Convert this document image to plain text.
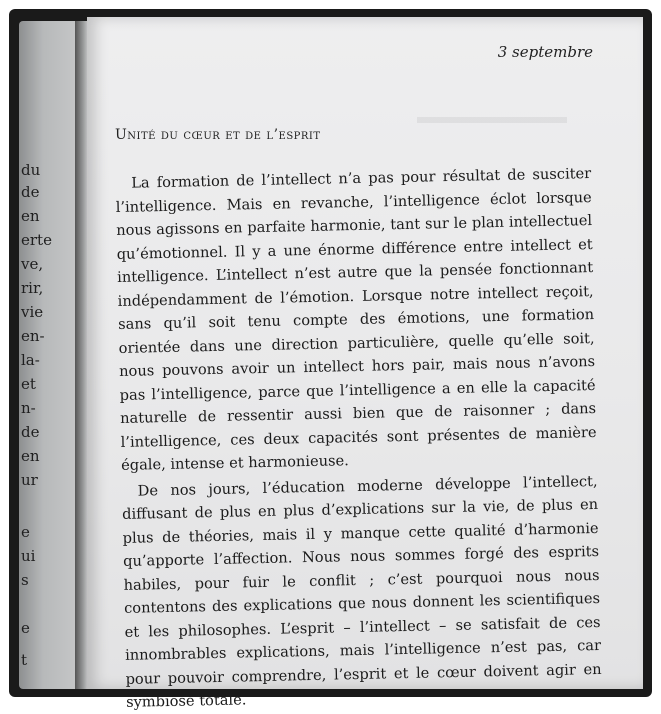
du
de
en
erte
ve,
rir,
vie
en-
la-
et
n-
de
en
ur
e
ui
s
e
t
3 septembre
Unité du cœur et de l’esprit

La formation de l’intellect n’a pas pour résultat de susciter l’intelligence. Mais en revanche, l’intelligence éclot lorsque nous agissons en parfaite harmonie, tant sur le plan intellectuel qu’émotionnel. Il y a une énorme différence entre intellect et intelligence. L’intellect n’est autre que la pensée fonctionnant indépendamment de l’émotion. Lorsque notre intellect reçoit, sans qu’il soit tenu compte des émotions, une formation orientée dans une direction particulière, quelle qu’elle soit, nous pouvons avoir un intellect hors pair, mais nous n’avons pas l’intelligence, parce que l’intelligence a en elle la capacité naturelle de ressentir aussi bien que de raisonner ; dans l’intelligence, ces deux capacités sont présentes de manière égale, intense et harmonieuse.

De nos jours, l’éducation moderne développe l’intellect, diffusant de plus en plus d’explications sur la vie, de plus en plus de théories, mais il y manque cette qualité d’harmonie qu’apporte l’affection. Nous nous sommes forgé des esprits habiles, pour fuir le conflit ; c’est pourquoi nous nous contentons des explications que nous donnent les scientifiques et les philosophes. L’esprit – l’intellect – se satisfait de ces innombrables explications, mais l’intelligence n’est pas, car pour pouvoir comprendre, l’esprit et le cœur doivent agir en symbiose totale.
